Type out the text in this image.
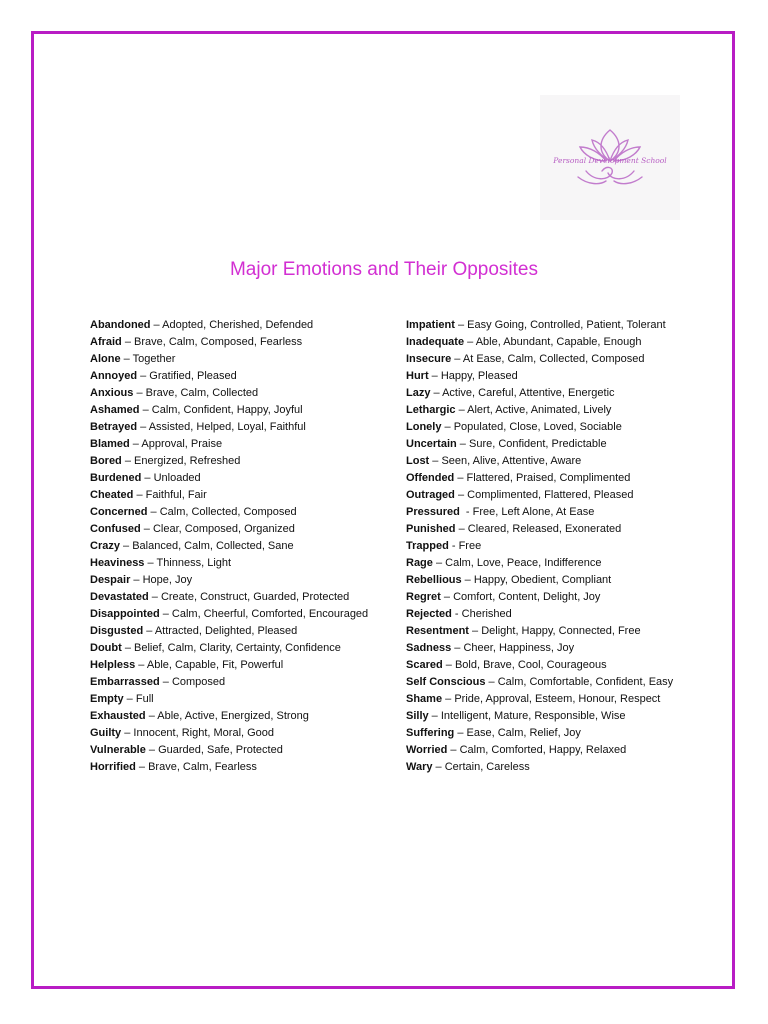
Personal Development School
Major Emotions and Their Opposites
Abandoned – Adopted, Cherished, Defended
Afraid – Brave, Calm, Composed, Fearless
Alone – Together
Annoyed – Gratified, Pleased
Anxious – Brave, Calm, Collected
Ashamed – Calm, Confident, Happy, Joyful
Betrayed – Assisted, Helped, Loyal, Faithful
Blamed – Approval, Praise
Bored – Energized, Refreshed
Burdened – Unloaded
Cheated – Faithful, Fair
Concerned – Calm, Collected, Composed
Confused – Clear, Composed, Organized
Crazy – Balanced, Calm, Collected, Sane
Heaviness – Thinness, Light
Despair – Hope, Joy
Devastated – Create, Construct, Guarded, Protected
Disappointed – Calm, Cheerful, Comforted, Encouraged
Disgusted – Attracted, Delighted, Pleased
Doubt – Belief, Calm, Clarity, Certainty, Confidence
Helpless – Able, Capable, Fit, Powerful
Embarrassed – Composed
Empty – Full
Exhausted – Able, Active, Energized, Strong
Guilty – Innocent, Right, Moral, Good
Vulnerable – Guarded, Safe, Protected
Horrified – Brave, Calm, Fearless
Impatient – Easy Going, Controlled, Patient, Tolerant
Inadequate – Able, Abundant, Capable, Enough
Insecure – At Ease, Calm, Collected, Composed
Hurt – Happy, Pleased
Lazy – Active, Careful, Attentive, Energetic
Lethargic – Alert, Active, Animated, Lively
Lonely – Populated, Close, Loved, Sociable
Uncertain – Sure, Confident, Predictable
Lost – Seen, Alive, Attentive, Aware
Offended – Flattered, Praised, Complimented
Outraged – Complimented, Flattered, Pleased
Pressured  - Free, Left Alone, At Ease
Punished – Cleared, Released, Exonerated
Trapped - Free
Rage – Calm, Love, Peace, Indifference
Rebellious – Happy, Obedient, Compliant
Regret – Comfort, Content, Delight, Joy
Rejected - Cherished
Resentment – Delight, Happy, Connected, Free
Sadness – Cheer, Happiness, Joy
Scared – Bold, Brave, Cool, Courageous
Self Conscious – Calm, Comfortable, Confident, Easy
Shame – Pride, Approval, Esteem, Honour, Respect
Silly – Intelligent, Mature, Responsible, Wise
Suffering – Ease, Calm, Relief, Joy
Worried – Calm, Comforted, Happy, Relaxed
Wary – Certain, Careless
